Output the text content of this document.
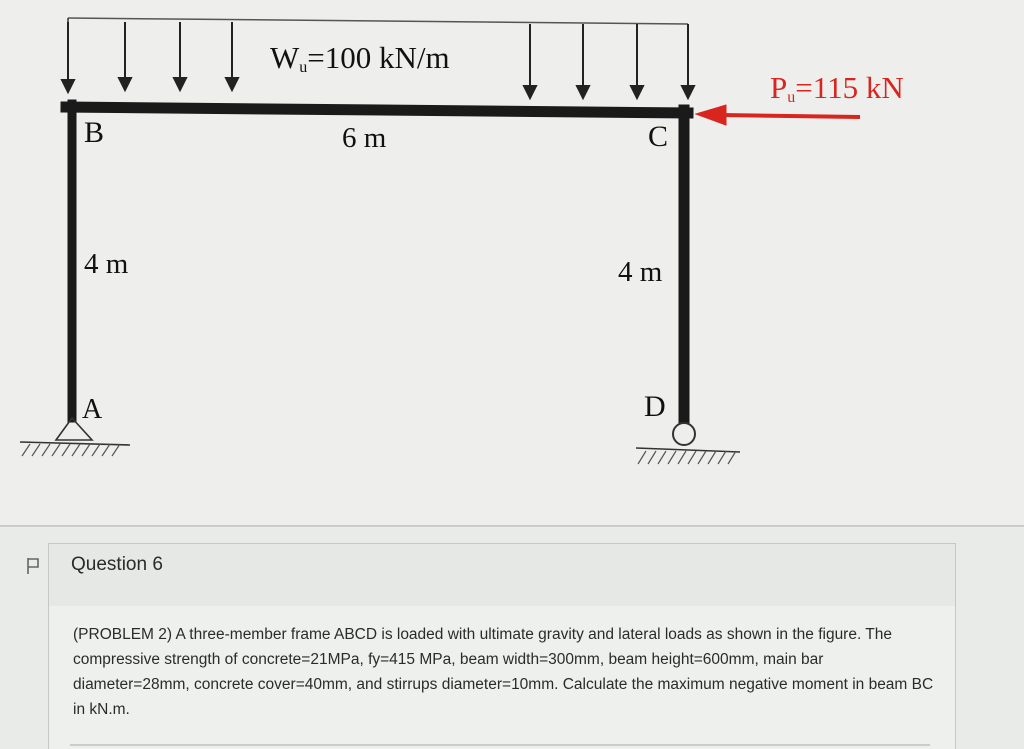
$W_u=100$ kN/m
$P_u=115$ kN
6 m
4 m	4 m
B	C
A	D
Question 6
(PROBLEM 2) A three-member frame ABCD is loaded with ultimate gravity and lateral loads as shown in the figure. The compressive strength of concrete=21MPa, fy=415 MPa, beam width=300mm, beam height=600mm, main bar diameter=28mm, concrete cover=40mm, and stirrups diameter=10mm. Calculate the maximum negative moment in beam BC in kN.m.
